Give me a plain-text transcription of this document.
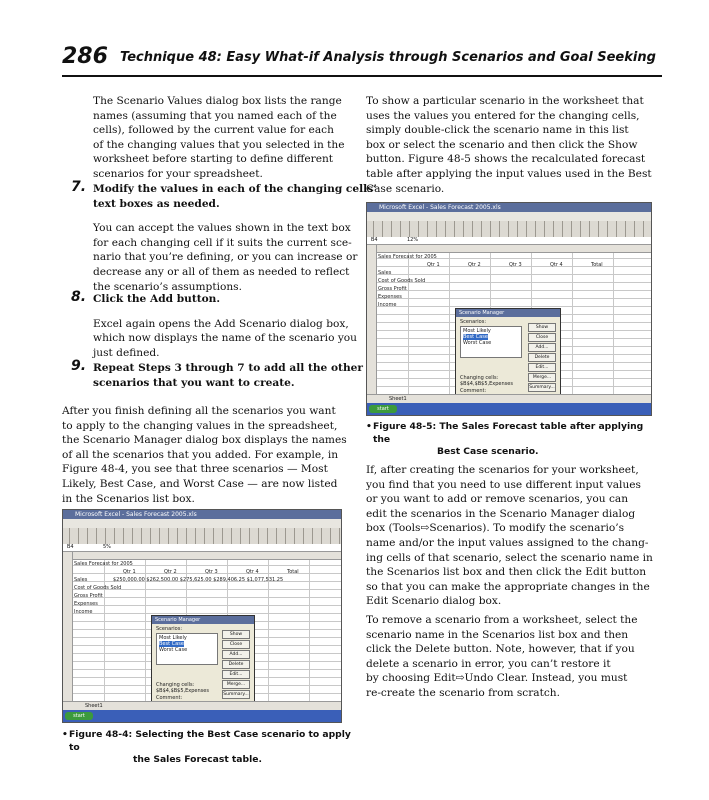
286 Technique 48: Easy What-if Analysis through Scenarios and Goal Seeking

The Scenario Values dialog box lists the range

names (assuming that you named each of the

cells), followed by the current value for each

of the changing values that you selected in the

worksheet before starting to define different

scenarios for your spreadsheet.

7. Modify the values in each of the changing cells’

text boxes as needed.

You can accept the values shown in the text box

for each changing cell if it suits the current sce-

nario that you’re defining, or you can increase or

decrease any or all of them as needed to reflect

the scenario’s assumptions.

8. Click the Add button.

Excel again opens the Add Scenario dialog box,

which now displays the name of the scenario you

just defined.

9. Repeat Steps 3 through 7 to add all the other

scenarios that you want to create.

After you finish defining all the scenarios you want

to apply to the changing values in the spreadsheet,

the Scenario Manager dialog box displays the names

of all the scenarios that you added. For example, in

Figure 48-4, you see that three scenarios — Most

Likely, Best Case, and Worst Case — are now listed

in the Scenarios list box.

Microsoft Excel - Sales Forecast 2005.xls
B4	5%
Sales Forecast for 2005
Qtr 1	Qtr 2	Qtr 3	Qtr 4	Total
Sales	$250,000.00 $262,500.00 $275,625.00 $289,406.25 $1,077,531.25
Cost of Goods Sold
Gross Profit
Expenses
Income
Scenario Manager
Scenarios:
Most Likely
Best Case
Worst Case
Show
Close
Add...
Delete
Edit...
Merge...
Summary...
Changing cells:
$B$4,$B$5,Expenses
Comment:
Sheet1
start
• Figure 48-4: Selecting the Best Case scenario to apply to
the Sales Forecast table.

To show a particular scenario in the worksheet that

uses the values you entered for the changing cells,

simply double-click the scenario name in this list

box or select the scenario and then click the Show

button. Figure 48-5 shows the recalculated forecast

table after applying the input values used in the Best

Case scenario.

Microsoft Excel - Sales Forecast 2005.xls
B4	12%
Sales Forecast for 2005
Qtr 1	Qtr 2	Qtr 3	Qtr 4	Total
Sales
Cost of Goods Sold
Gross Profit
Expenses
Income
Scenario Manager
Scenarios:
Most Likely
Best Case
Worst Case
Show
Close
Add...
Delete
Edit...
Merge...
Summary...
Changing cells:
$B$4,$B$5,Expenses
Comment:
Sheet1
start
• Figure 48-5: The Sales Forecast table after applying the
Best Case scenario.

If, after creating the scenarios for your worksheet,

you find that you need to use different input values

or you want to add or remove scenarios, you can

edit the scenarios in the Scenario Manager dialog

box (Tools⇨Scenarios). To modify the scenario’s

name and/or the input values assigned to the chang-

ing cells of that scenario, select the scenario name in

the Scenarios list box and then click the Edit button

so that you can make the appropriate changes in the

Edit Scenario dialog box.

To remove a scenario from a worksheet, select the

scenario name in the Scenarios list box and then

click the Delete button. Note, however, that if you

delete a scenario in error, you can’t restore it

by choosing Edit⇨Undo Clear. Instead, you must

re-create the scenario from scratch.
